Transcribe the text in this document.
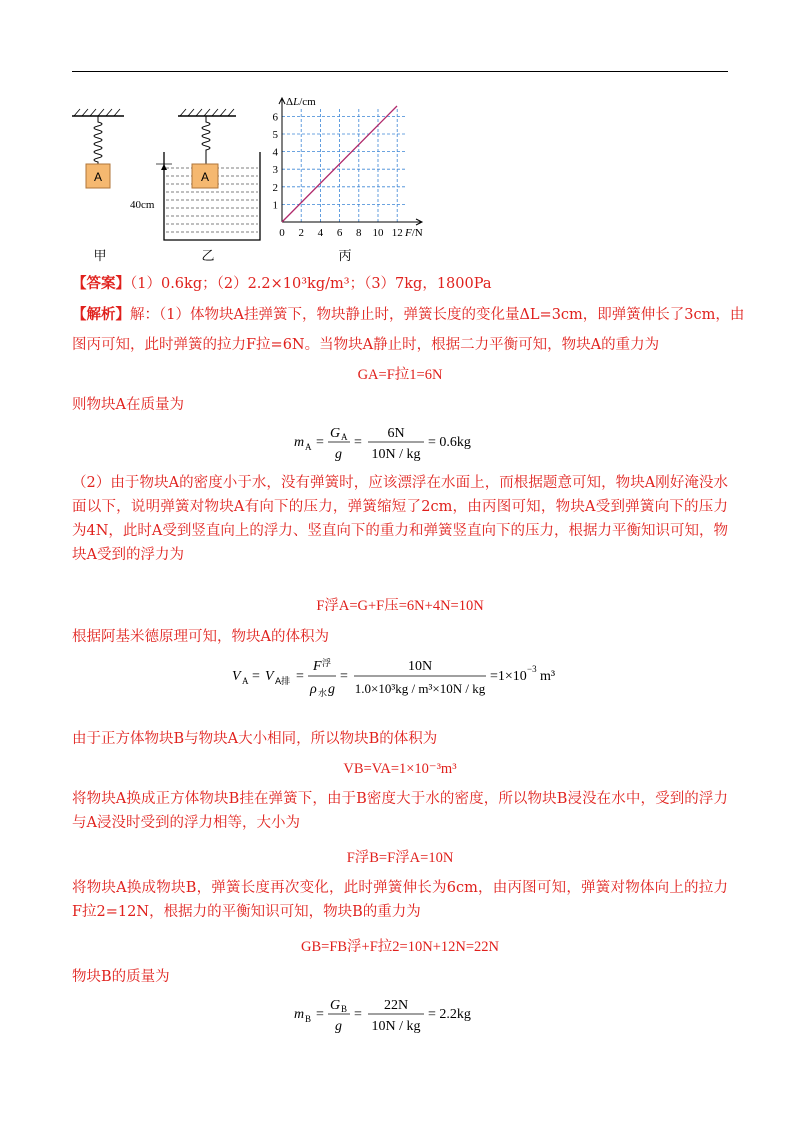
A
甲
A
40cm
乙
0 2 4 6 8 10 12
1
2
3
4
5
6
ΔL/cm
F/N
丙
【答案】（1）0.6kg；（2）2.2×10³kg/m³；（3）7kg，1800Pa
【解析】解：（1）体物块A挂弹簧下，物块静止时，弹簧长度的变化量ΔL=3cm，即弹簧伸长了3cm，由
图丙可知，此时弹簧的拉力F拉=6N。当物块A静止时，根据二力平衡可知，物块A的重力为
GA=F拉1=6N
则物块A在质量为
m A =
G A
g
=
6N
10N / kg
= 0.6kg
（2）由于物块A的密度小于水，没有弹簧时，应该漂浮在水面上，而根据题意可知，物块A刚好淹没水面以下，说明弹簧对物块A有向下的压力，弹簧缩短了2cm，由丙图可知，物块A受到弹簧向下的压力为4N，此时A受到竖直向上的浮力、竖直向下的重力和弹簧竖直向下的压力，根据力平衡知识可知，物块A受到的浮力为
F浮A=G+F压=6N+4N=10N
根据阿基米德原理可知，物块A的体积为
V A = V A排 =
F 浮
ρ 水 g
=
10N
1.0×10³kg / m³×10N / kg
=1×10 −3 m³
由于正方体物块B与物块A大小相同，所以物块B的体积为
VB=VA=1×10⁻³m³
将物块A换成正方体物块B挂在弹簧下，由于B密度大于水的密度，所以物块B浸没在水中，受到的浮力与A浸没时受到的浮力相等，大小为
F浮B=F浮A=10N
将物块A换成物块B，弹簧长度再次变化，此时弹簧伸长为6cm，由丙图可知，弹簧对物体向上的拉力F拉2=12N，根据力的平衡知识可知，物块B的重力为
GB=FB浮+F拉2=10N+12N=22N
物块B的质量为
m B =
G B
g
=
22N
10N / kg
= 2.2kg
